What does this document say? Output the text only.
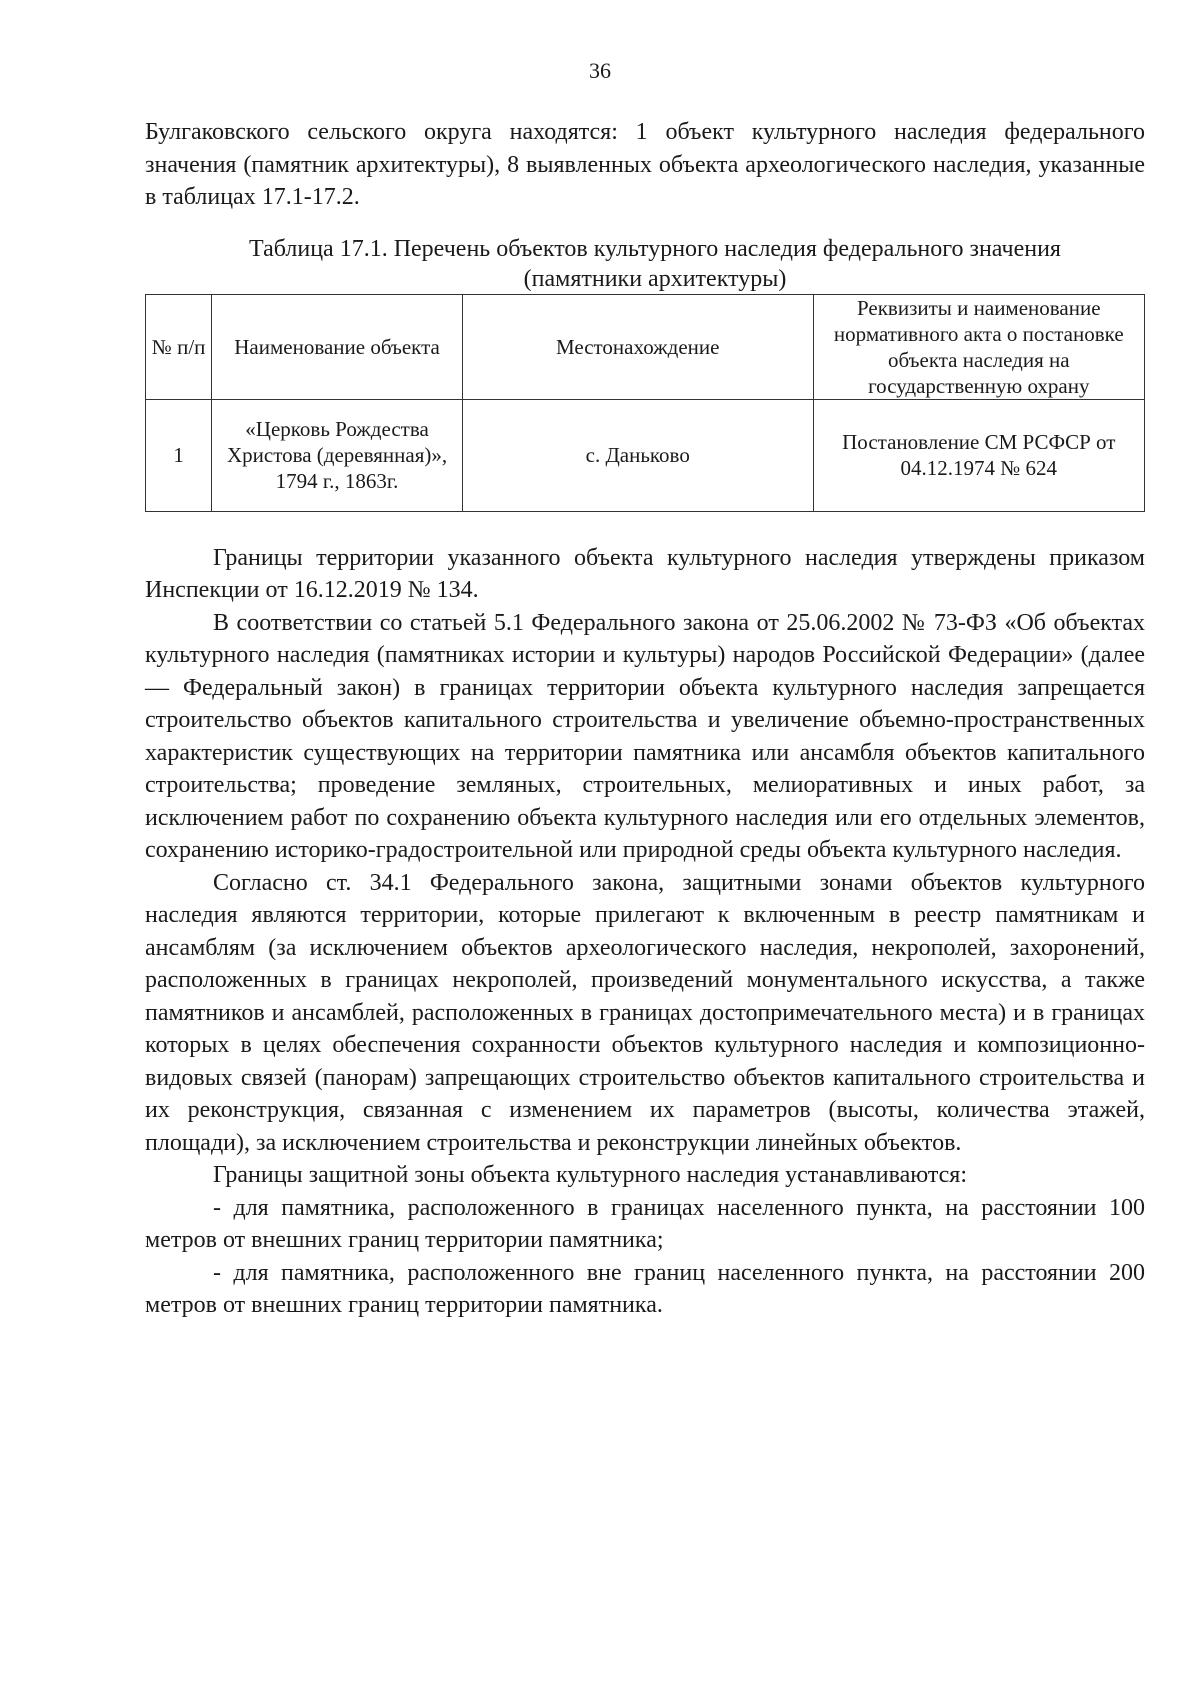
36

Булгаковского сельского округа находятся: 1 объект культурного наследия федерального значения (памятник архитектуры), 8 выявленных объекта археологического наследия, указанные в таблицах 17.1-17.2.

Таблица 17.1. Перечень объектов культурного наследия федерального значения (памятники архитектуры)

№ п/п	Наименование объекта	Местонахождение	Реквизиты и наименование нормативного акта о постановке объекта наследия на государственную охрану
1	«Церковь Рождества Христова (деревянная)», 1794 г., 1863г.	с. Даньково	Постановление СМ РСФСР от 04.12.1974 № 624

Границы территории указанного объекта культурного наследия утверждены приказом Инспекции от 16.12.2019 № 134.

В соответствии со статьей 5.1 Федерального закона от 25.06.2002 № 73-ФЗ «Об объектах культурного наследия (памятниках истории и культуры) народов Российской Федерации» (далее — Федеральный закон) в границах территории объекта культурного наследия запрещается строительство объектов капитального строительства и увеличение объемно-пространственных характеристик существующих на территории памятника или ансамбля объектов капитального строительства; проведение земляных, строительных, мелиоративных и иных работ, за исключением работ по сохранению объекта культурного наследия или его отдельных элементов, сохранению историко-градостроительной или природной среды объекта культурного наследия.

Согласно ст. 34.1 Федерального закона, защитными зонами объектов культурного наследия являются территории, которые прилегают к включенным в реестр памятникам и ансамблям (за исключением объектов археологического наследия, некрополей, захоронений, расположенных в границах некрополей, произведений монументального искусства, а также памятников и ансамблей, расположенных в границах достопримечательного места) и в границах которых в целях обеспечения сохранности объектов культурного наследия и композиционно-видовых связей (панорам) запрещающих строительство объектов капитального строительства и их реконструкция, связанная с изменением их параметров (высоты, количества этажей, площади), за исключением строительства и реконструкции линейных объектов.

Границы защитной зоны объекта культурного наследия устанавливаются:

- для памятника, расположенного в границах населенного пункта, на расстоянии 100 метров от внешних границ территории памятника;

- для памятника, расположенного вне границ населенного пункта, на расстоянии 200 метров от внешних границ территории памятника.
